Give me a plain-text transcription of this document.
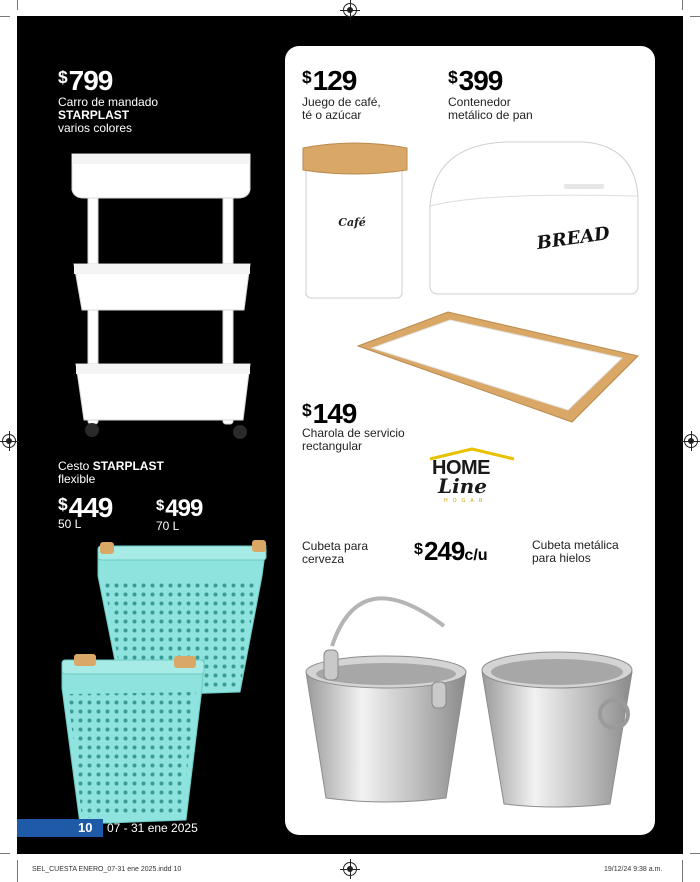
$799
Carro de mandado
STARPLAST
varios colores
$129
Juego de café,
té o azúcar
Café
$399
Contenedor
metálico de pan
BREAD
$149
Charola de servicio
rectangular
HOME
Line
HOGAR
Cesto STARPLAST
flexible
$449
50 L
$499
70 L
Cubeta para
cerveza
$249c/u
Cubeta metálica
para hielos
10 07 - 31 ene 2025
SEL_CUESTA ENERO_07-31 ene 2025.indd 10	19/12/24 9:38 a.m.
